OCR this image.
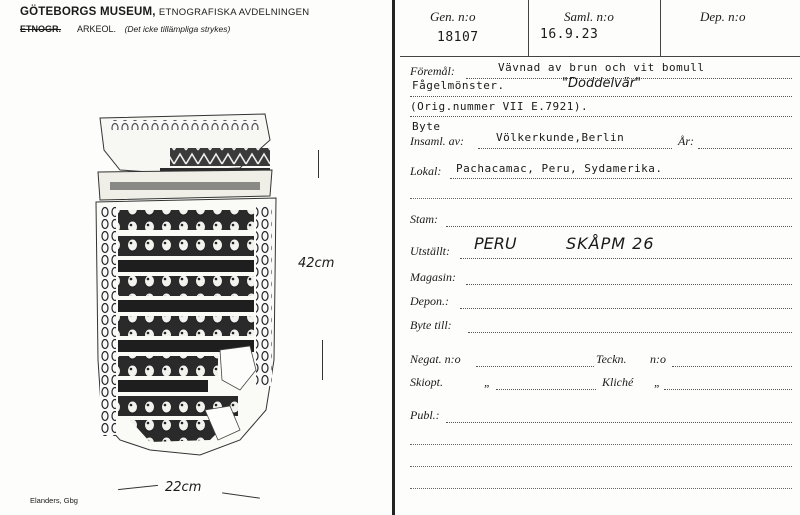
GÖTEBORGS MUSEUM, ETNOGRAFISKA AVDELNINGEN
ETNOGR. ARKEOL. (Det icke tillämpliga strykes)
42cm
22cm
Elanders, Gbg
Gen. n:o
18107
Saml. n:o
16.9.23
Dep. n:o
Föremål:	Vävnad av brun och vit bomull
Fågelmönster.	"Doddelvär"
(Orig.nummer VII E.7921).
Byte
Insaml. av:	Völkerkunde,Berlin	År:
Lokal: Pachacamac, Peru, Sydamerika.
Stam:
Utställt: PERU	SKÅPM 26
Magasin:
Depon.:
Byte till:
Negat. n:o	Teckn. n:o
Skiopt.	„	Kliché „
Publ.:
